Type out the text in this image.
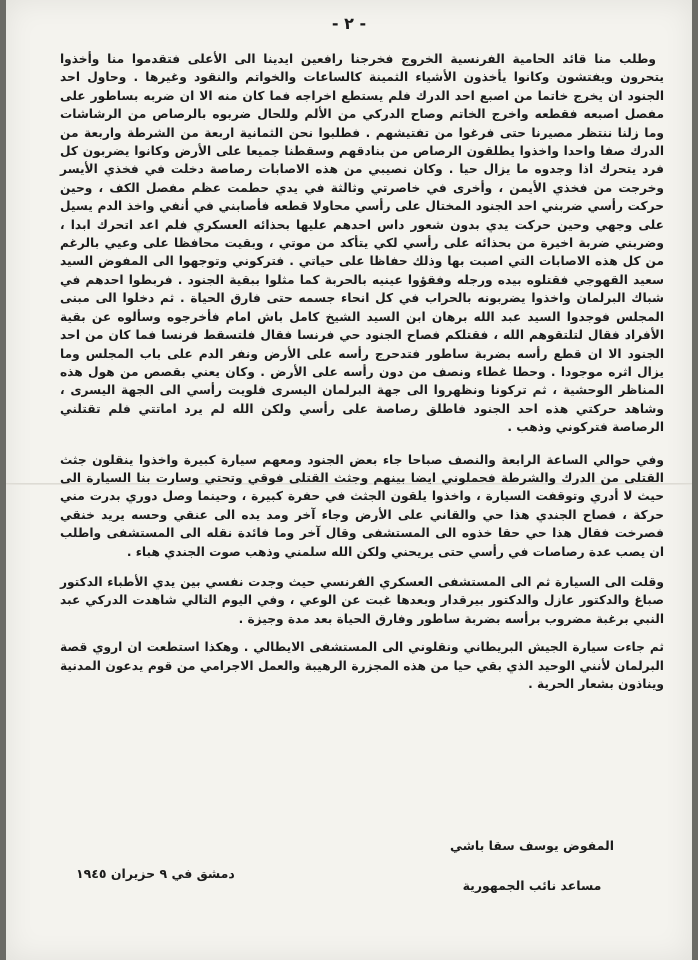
- ٢ -

وطلب منا قائد الحامية الفرنسية الخروج فخرجنا رافعين ايدينا الى الأعلى فتقدموا منا وأخذوا يتحرون ويفتشون وكانوا يأخذون الأشياء الثمينة كالساعات والخواتم والنقود وغيرها . وحاول احد الجنود ان يخرج خاتما من اصبع احد الدرك فلم يستطع اخراجه فما كان منه الا ان ضربه بساطور على مفصل اصبعه فقطعه واخرج الخاتم وصاح الدركي من الألم وللحال ضربوه بالرصاص من الرشاشات وما زلنا ننتظر مصيرنا حتى فرغوا من تفتيشهم . فطلبوا نحن الثمانية اربعة من الشرطة واربعة من الدرك صفا واحدا واخذوا يطلقون الرصاص من بنادقهم وسقطنا جميعا على الأرض وكانوا يضربون كل فرد يتحرك اذا وجدوه ما يزال حيا . وكان نصيبي من هذه الاصابات رصاصة دخلت في فخذي الأيسر وخرجت من فخذي الأيمن ، وأخرى في خاصرتي وثالثة في يدي حطمت عظم مفصل الكف ، وحين حركت رأسي ضربني احد الجنود المختال على رأسي محاولا قطعه فأصابني في أنفي واخذ الدم يسيل على وجهي وحين حركت يدي بدون شعور داس احدهم عليها بحذائه العسكري فلم اعد اتحرك ابدا ، وضربني ضربة اخيرة من بحذائه على رأسي لكي يتأكد من موتي ، وبقيت محافظا على وعيي بالرغم من كل هذه الاصابات التي اصبت بها وذلك حفاظا على حياتي . فتركوني وتوجهوا الى المفوض السيد سعيد القهوجي فقتلوه بيده ورجله وفقؤوا عينيه بالحربة كما مثلوا ببقية الجنود . فربطوا احدهم في شباك البرلمان واخذوا يضربونه بالحراب في كل انحاء جسمه حتى فارق الحياة . ثم دخلوا الى مبنى المجلس فوجدوا السيد عبد الله برهان ابن السيد الشيخ كامل باش امام فأخرجوه وسألوه عن بقية الأفراد فقال لتلتقوهم الله ، فقتلكم فصاح الجنود حي فرنسا فقال فلتسقط فرنسا فما كان من احد الجنود الا ان قطع رأسه بضربة ساطور فتدحرج رأسه على الأرض ونفر الدم على باب المجلس وما يزال اثره موجودا . وحطا غطاء ونصف من دون رأسه على الأرض . وكان يعني بقصص من هول هذه المناظر الوحشية ، ثم تركونا ونظهروا الى جهة البرلمان اليسرى فلويت رأسي الى الجهة اليسرى ، وشاهد حركتي هذه احد الجنود فاطلق رصاصة على رأسي ولكن الله لم يرد اماتتي فلم تقتلني الرصاصة فتركوني وذهب .

وفي حوالي الساعة الرابعة والنصف صباحا جاء بعض الجنود ومعهم سيارة كبيرة واخذوا ينقلون جثث القتلى من الدرك والشرطة فحملوني ايضا بينهم وجثث القتلى فوقي وتحتي وسارت بنا السيارة الى حيث لا أدري وتوقفت السيارة ، واخذوا يلقون الجثث في حفرة كبيرة ، وحينما وصل دوري بدرت مني حركة ، فصاح الجندي هذا حي والقاني على الأرض وجاء آخر ومد يده الى عنقي وحسه يريد خنقي فصرخت فقال هذا حي حقا خذوه الى المستشفى وقال آخر وما فائدة نقله الى المستشفى واطلب ان يصب عدة رصاصات في رأسي حتى يريحني ولكن الله سلمني وذهب صوت الجندي هباء .

وقلت الى السيارة ثم الى المستشفى العسكري الفرنسي حيث وجدت نفسي بين يدي الأطباء الدكتور صباغ والدكتور عازل والدكتور بيرقدار وبعدها غبت عن الوعي ، وفي اليوم التالي شاهدت الدركي عبد النبي برغبة مضروب برأسه بضربة ساطور وفارق الحياة بعد مدة وجيزة .

ثم جاءت سيارة الجيش البريطاني ونقلوني الى المستشفى الايطالي . وهكذا استطعت ان اروي قصة البرلمان لأنني الوحيد الذي بقي حيا من هذه المجزرة الرهيبة والعمل الاجرامي من قوم يدعون المدنية ويناذون بشعار الحرية .

المفوض يوسف سقا باشي
مساعد نائب الجمهورية
دمشق في ٩ حزيران ١٩٤٥
